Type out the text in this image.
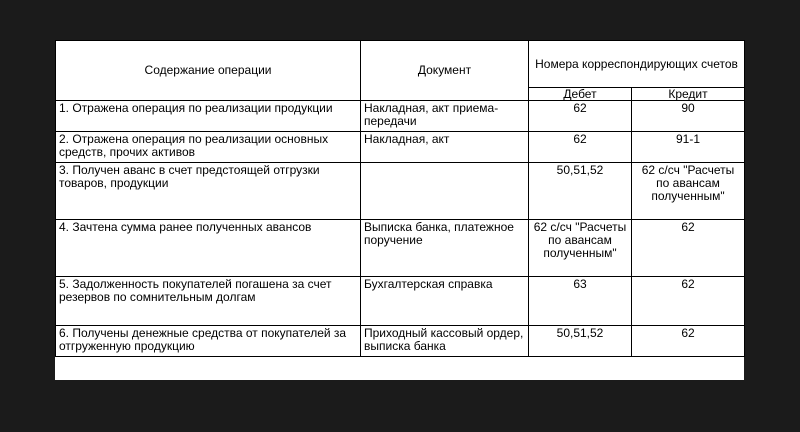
Содержание операции	Документ	Номера корреспондирующих счетов	
		Дебет	Кредит
1. Отражена операция по реализации продукции	Накладная, акт приема-передачи	62	90
2. Отражена операция по реализации основных средств, прочих активов	Накладная, акт	62	91-1
3. Получен аванс в счет предстоящей отгрузки товаров, продукции		50,51,52	62 с/сч "Расчеты по авансам полученным"
4. Зачтена сумма ранее полученных авансов	Выписка банка, платежное поручение	62 с/сч "Расчеты по авансам полученным"	62
5. Задолженность покупателей погашена за счет резервов по сомнительным долгам	Бухгалтерская справка	63	62
6. Получены денежные средства от покупателей за отгруженную продукцию	Приходный кассовый ордер, выписка банка	50,51,52	62
